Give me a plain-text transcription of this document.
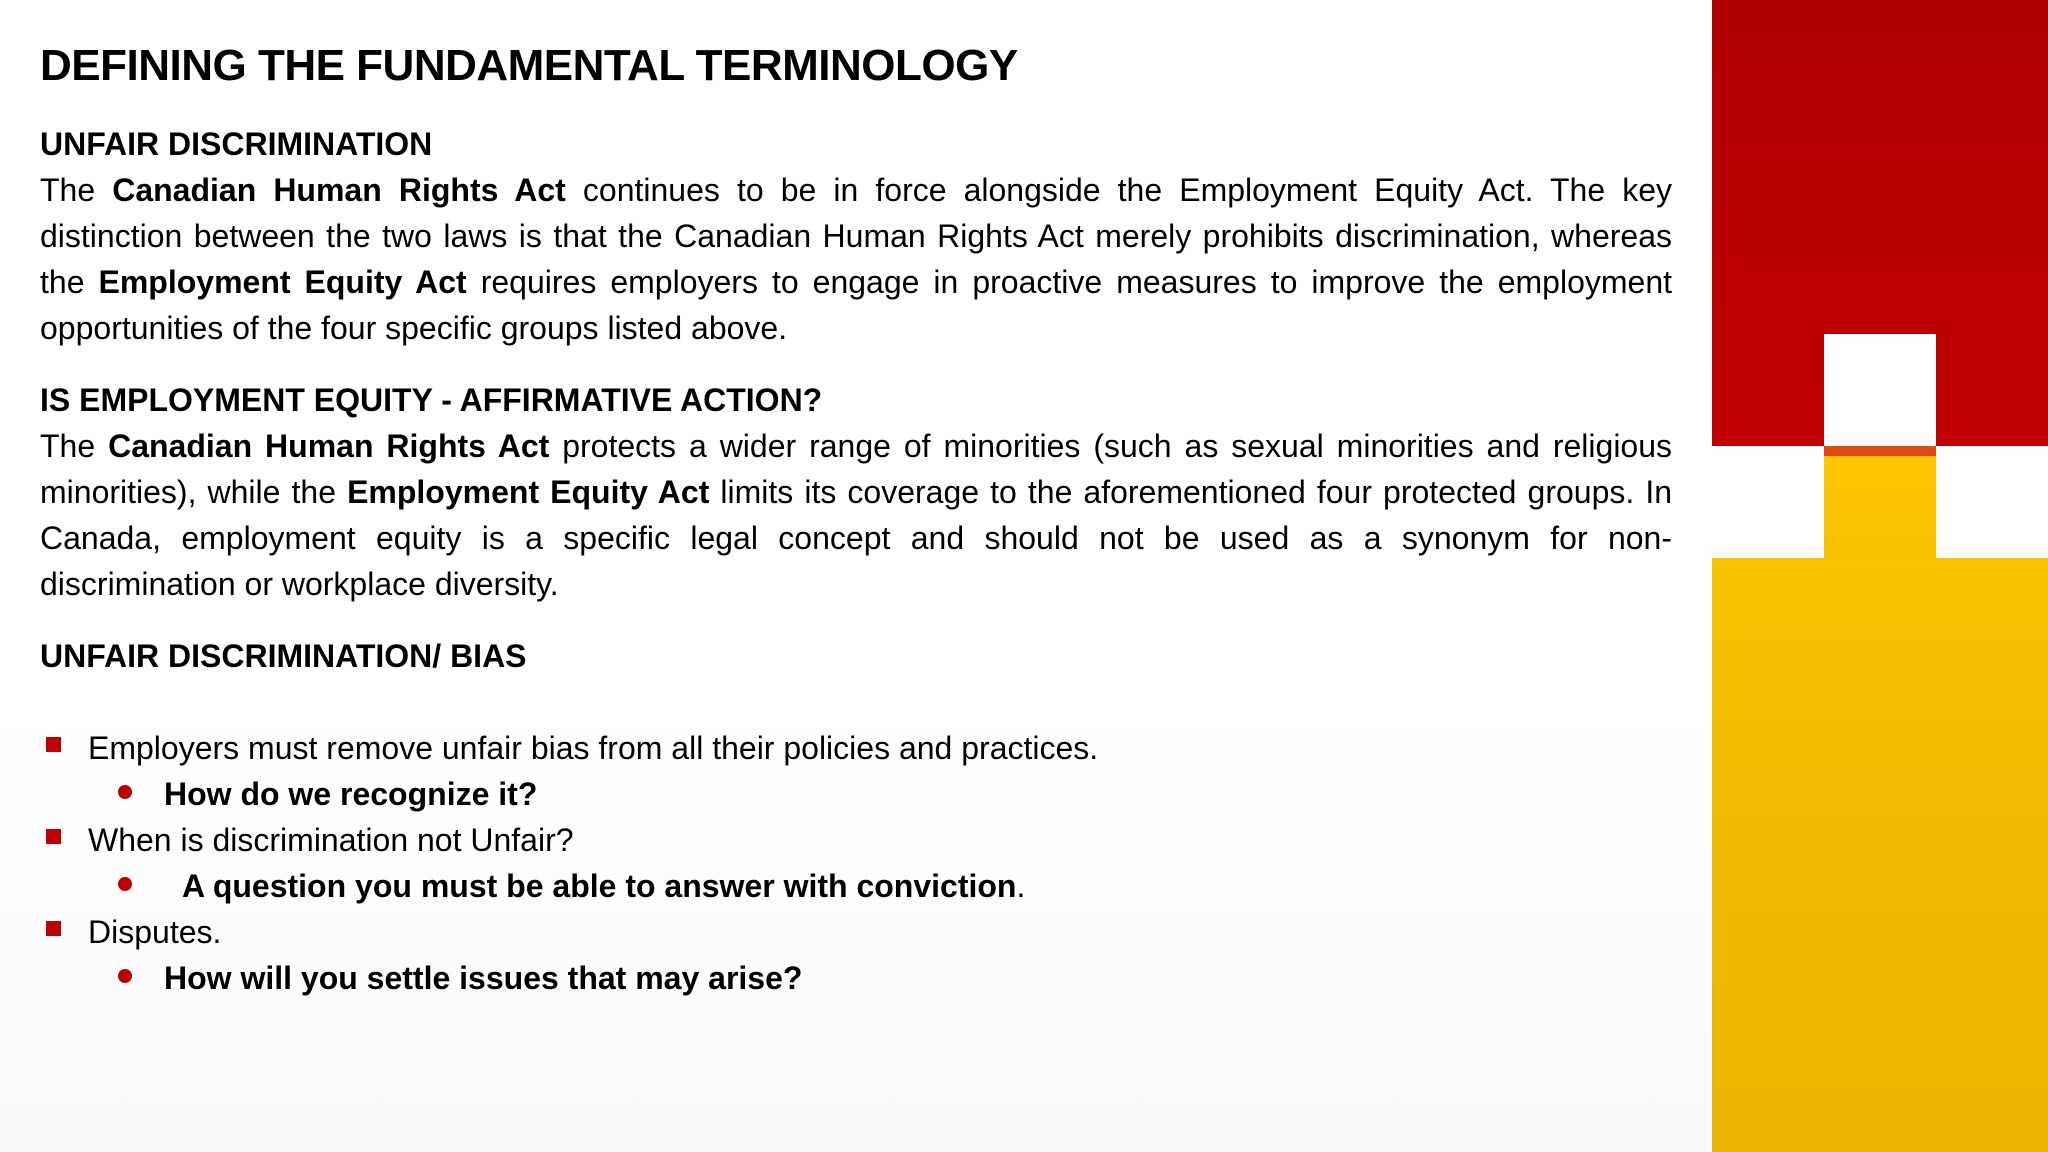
DEFINING THE FUNDAMENTAL TERMINOLOGY

UNFAIR DISCRIMINATION

The Canadian Human Rights Act continues to be in force alongside the Employment Equity Act. The key distinction between the two laws is that the Canadian Human Rights Act merely prohibits discrimination, whereas the Employment Equity Act requires employers to engage in proactive measures to improve the employment opportunities of the four specific groups listed above.

IS EMPLOYMENT EQUITY - AFFIRMATIVE ACTION?

The Canadian Human Rights Act protects a wider range of minorities (such as sexual minorities and religious minorities), while the Employment Equity Act limits its coverage to the aforementioned four protected groups. In Canada, employment equity is a specific legal concept and should not be used as a synonym for non-discrimination or workplace diversity.

UNFAIR DISCRIMINATION/ BIAS

Employers must remove unfair bias from all their policies and practices.
How do we recognize it?
When is discrimination not Unfair?
A question you must be able to answer with conviction.
Disputes.
How will you settle issues that may arise?
